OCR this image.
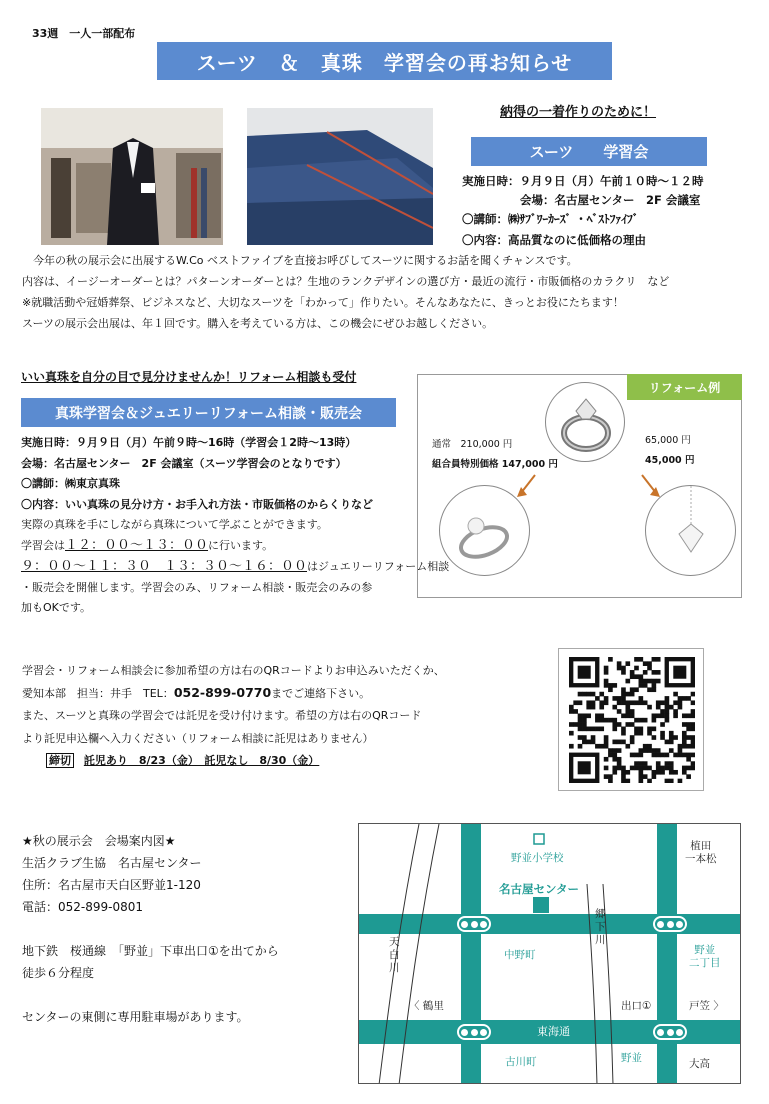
33週　一人一部配布
スーツ　＆　真珠　学習会の再お知らせ
納得の一着作りのために！
スーツ　　学習会
実施日時：９月９日（月）午前１０時～１２時
会場：名古屋センター　2F 会議室
〇講師：㈱ｻﾌﾞﾜｰｶｰｽﾞ ・ﾍﾞｽﾄﾌｧｲﾌﾞ
〇内容：高品質なのに低価格の理由
　今年の秋の展示会に出展するW.Co ベストファイブを直接お呼びしてスーツに関するお話を聞くチャンスです。
内容は、イージーオーダーとは？パターンオーダーとは？生地のランクデザインの選び方・最近の流行・市販価格のカラクリ　など
※就職活動や冠婚葬祭、ビジネスなど、大切なスーツを「わかって」作りたい。そんなあなたに、きっとお役にたちます！
スーツの展示会出展は、年１回です。購入を考えている方は、この機会にぜひお越しください。
いい真珠を自分の目で見分けませんか！リフォーム相談も受付
真珠学習会＆ジュエリーリフォーム相談・販売会
実施日時：９月９日（月）午前９時～16時（学習会１2時～13時）
会場：名古屋センター　2F 会議室（スーツ学習会のとなりです）
〇講師：㈱東京真珠
〇内容：いい真珠の見分け方・お手入れ方法・市販価格のからくりなど
実際の真珠を手にしながら真珠について学ぶことができます。
学習会は１２：００～１３：００に行います。
９：００～１１：３０　１３：３０～１６：００はジュエリーリフォーム相談
・販売会を開催します。学習会のみ、リフォーム相談・販売会のみの参
加もOKです。
リフォーム例
通常　210,000 円
組合員特別価格 147,000 円
65,000 円
45,000 円
学習会・リフォーム相談会に参加希望の方は右のQRコードよりお申込みいただくか、
愛知本部　担当：井手　TEL：052-899-0770までご連絡下さい。
また、スーツと真珠の学習会では託児を受け付けます。希望の方は右のQRコード
より託児申込欄へ入力ください（リフォーム相談に託児はありません）
締切 託児あり　8/23（金）　託児なし　8/30（金）
★秋の展示会　会場案内図★
生活クラブ生協　名古屋センター
住所：名古屋市天白区野並1-120
電話：052-899-0801
地下鉄　桜通線　「野並」下車出口①を出てから
徒歩６分程度
センターの東側に専用駐車場があります。
野並小学校
名古屋センター
郷
下
川
天
白
川
植田
一本松
中野町	野並
二丁目
〈 鶴里	出口①	戸笠 〉
東海通
古川町	野並	大高
